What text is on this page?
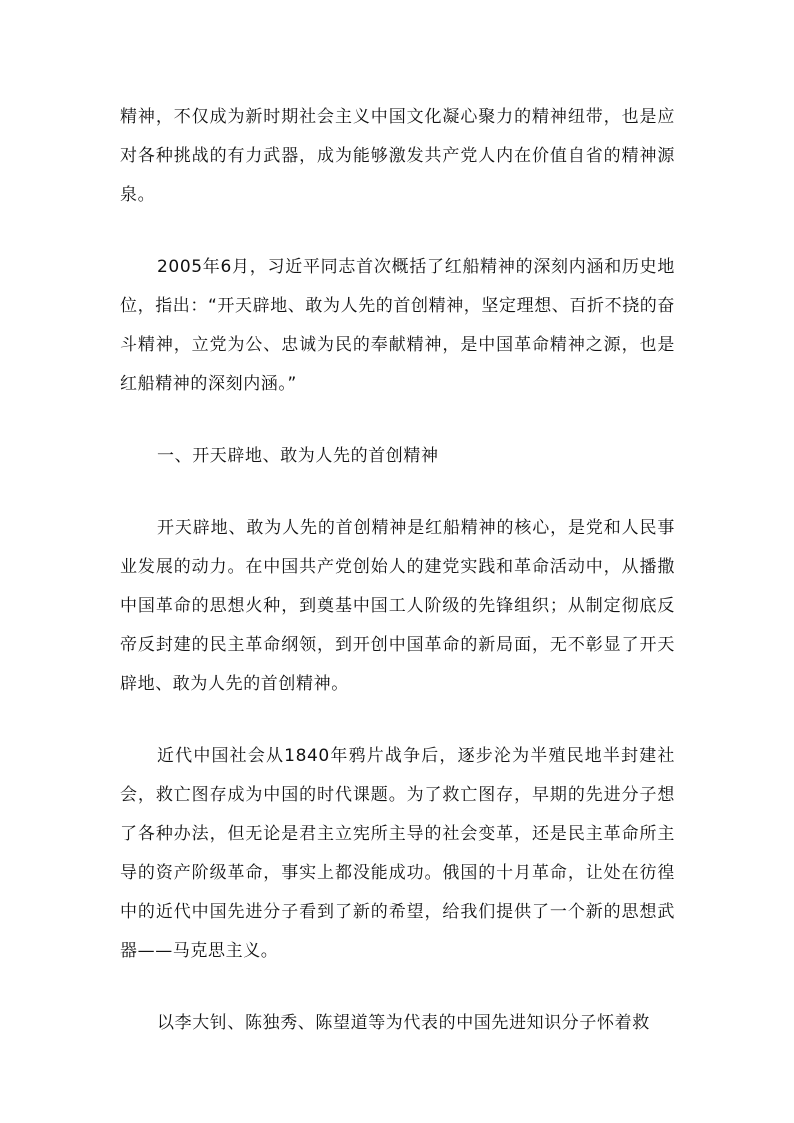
精神，不仅成为新时期社会主义中国文化凝心聚力的精神纽带，也是应对各种挑战的有力武器，成为能够激发共产党人内在价值自省的精神源泉。

2005年6月，习近平同志首次概括了红船精神的深刻内涵和历史地位，指出：“开天辟地、敢为人先的首创精神，坚定理想、百折不挠的奋斗精神，立党为公、忠诚为民的奉献精神，是中国革命精神之源，也是红船精神的深刻内涵。”

一、开天辟地、敢为人先的首创精神

开天辟地、敢为人先的首创精神是红船精神的核心，是党和人民事业发展的动力。在中国共产党创始人的建党实践和革命活动中，从播撒中国革命的思想火种，到奠基中国工人阶级的先锋组织；从制定彻底反帝反封建的民主革命纲领，到开创中国革命的新局面，无不彰显了开天辟地、敢为人先的首创精神。

近代中国社会从1840年鸦片战争后，逐步沦为半殖民地半封建社会，救亡图存成为中国的时代课题。为了救亡图存，早期的先进分子想了各种办法，但无论是君主立宪所主导的社会变革，还是民主革命所主导的资产阶级革命，事实上都没能成功。俄国的十月革命，让处在彷徨中的近代中国先进分子看到了新的希望，给我们提供了一个新的思想武器——马克思主义。

以李大钊、陈独秀、陈望道等为代表的中国先进知识分子怀着救
